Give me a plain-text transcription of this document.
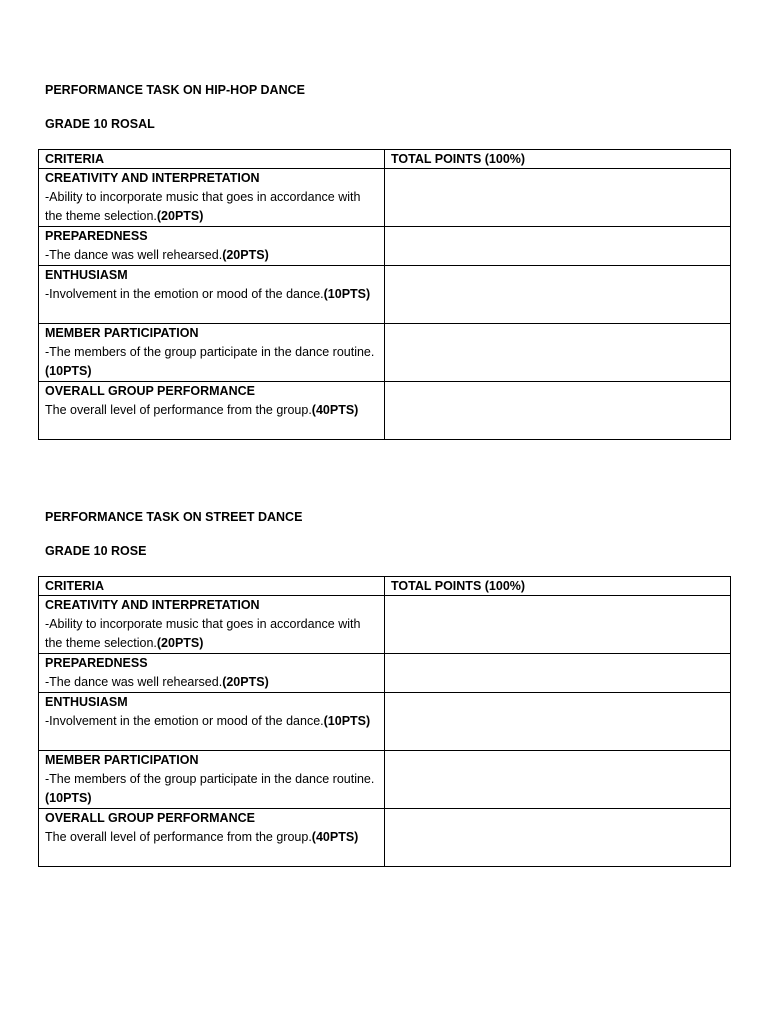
PERFORMANCE TASK ON HIP-HOP DANCE
GRADE 10 ROSAL
CRITERIA	TOTAL POINTS (100%)

CREATIVITY AND INTERPRETATION
-Ability to incorporate music that goes in accordance with the theme selection.(20PTS)	

PREPAREDNESS
-The dance was well rehearsed.(20PTS)	

ENTHUSIASM
-Involvement in the emotion or mood of the dance.(10PTS)	

MEMBER PARTICIPATION
-The members of the group participate in the dance routine. (10PTS)	

OVERALL GROUP PERFORMANCE
The overall level of performance from the group.(40PTS)	
PERFORMANCE TASK ON STREET DANCE
GRADE 10 ROSE
CRITERIA	TOTAL POINTS (100%)

CREATIVITY AND INTERPRETATION
-Ability to incorporate music that goes in accordance with the theme selection.(20PTS)	

PREPAREDNESS
-The dance was well rehearsed.(20PTS)	

ENTHUSIASM
-Involvement in the emotion or mood of the dance.(10PTS)	

MEMBER PARTICIPATION
-The members of the group participate in the dance routine. (10PTS)	

OVERALL GROUP PERFORMANCE
The overall level of performance from the group.(40PTS)	
